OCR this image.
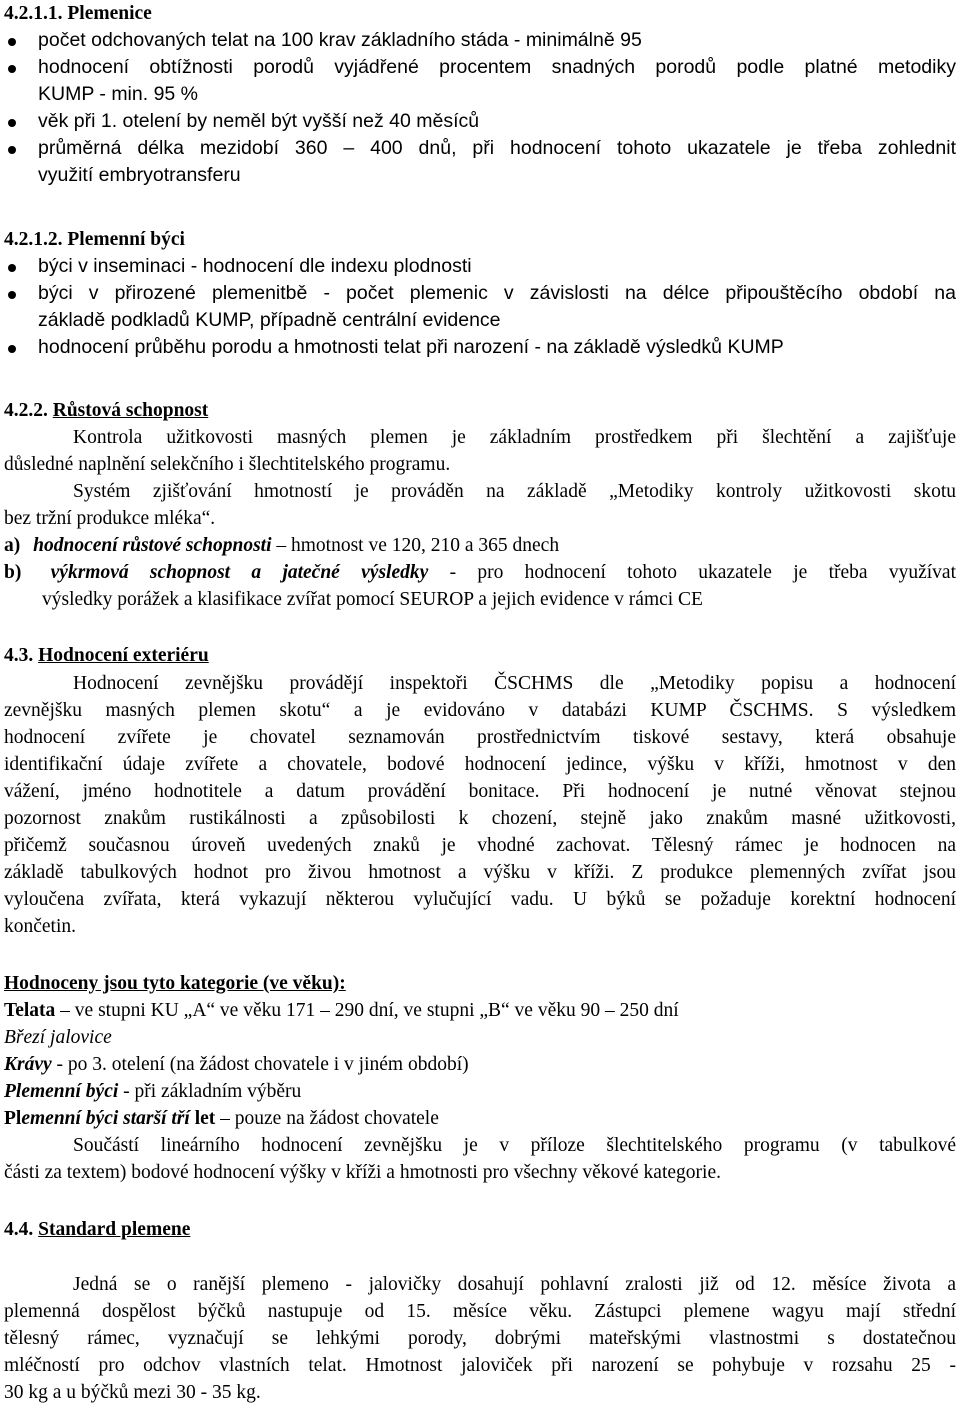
4.2.1.1. Plemenice

počet odchovaných telat na 100 krav základního stáda - minimálně 95
hodnocení obtížnosti porodů vyjádřené procentem snadných porodů podle platné metodiky
KUMP - min. 95 %
věk při 1. otelení by neměl být vyšší než 40 měsíců
průměrná délka mezidobí 360 – 400 dnů, při hodnocení tohoto ukazatele je třeba zohlednit
využití embryotransferu

4.2.1.2. Plemenní býci

býci v inseminaci - hodnocení dle indexu plodnosti
býci v přirozené plemenitbě - počet plemenic v závislosti na délce připouštěcího období na
základě podkladů KUMP, případně centrální evidence
hodnocení průběhu porodu a hmotnosti telat při narození - na základě výsledků KUMP

4.2.2. Růstová schopnost

Kontrola užitkovosti masných plemen je základním prostředkem při šlechtění a zajišťuje

důsledné naplnění selekčního i šlechtitelského programu.

Systém zjišťování hmotností je prováděn na základě „Metodiky kontroly užitkovosti skotu

bez tržní produkce mléka“.

a) hodnocení růstové schopnosti – hmotnost ve 120, 210 a 365 dnech

b) výkrmová schopnost a jatečné výsledky - pro hodnocení tohoto ukazatele je třeba využívat

výsledky porážek a klasifikace zvířat pomocí SEUROP a jejich evidence v rámci CE

4.3. Hodnocení exteriéru

Hodnocení zevnějšku provádějí inspektoři ČSCHMS dle „Metodiky popisu a hodnocení

zevnějšku masných plemen skotu“ a je evidováno v databázi KUMP ČSCHMS. S výsledkem

hodnocení zvířete je chovatel seznamován prostřednictvím tiskové sestavy, která obsahuje

identifikační údaje zvířete a chovatele, bodové hodnocení jedince, výšku v kříži, hmotnost v den

vážení, jméno hodnotitele a datum provádění bonitace. Při hodnocení je nutné věnovat stejnou

pozornost znakům rustikálnosti a způsobilosti k chození, stejně jako znakům masné užitkovosti,

přičemž současnou úroveň uvedených znaků je vhodné zachovat. Tělesný rámec je hodnocen na

základě tabulkových hodnot pro živou hmotnost a výšku v kříži. Z produkce plemenných zvířat jsou

vyloučena zvířata, která vykazují některou vylučující vadu. U býků se požaduje korektní hodnocení

končetin.

Hodnoceny jsou tyto kategorie (ve věku):

Telata – ve stupni KU „A“ ve věku 171 – 290 dní, ve stupni „B“ ve věku 90 – 250 dní

Březí jalovice

Krávy - po 3. otelení (na žádost chovatele i v jiném období)

Plemenní býci - při základním výběru

Plemenní býci starší tří let – pouze na žádost chovatele

Součástí lineárního hodnocení zevnějšku je v příloze šlechtitelského programu (v tabulkové

části za textem) bodové hodnocení výšky v kříži a hmotnosti pro všechny věkové kategorie.

4.4. Standard plemene

Jedná se o ranější plemeno - jalovičky dosahují pohlavní zralosti již od 12. měsíce života a

plemenná dospělost býčků nastupuje od 15. měsíce věku. Zástupci plemene wagyu mají střední

tělesný rámec, vyznačují se lehkými porody, dobrými mateřskými vlastnostmi s dostatečnou

mléčností pro odchov vlastních telat. Hmotnost jaloviček při narození se pohybuje v rozsahu 25 -

30 kg a u býčků mezi 30 - 35 kg.
